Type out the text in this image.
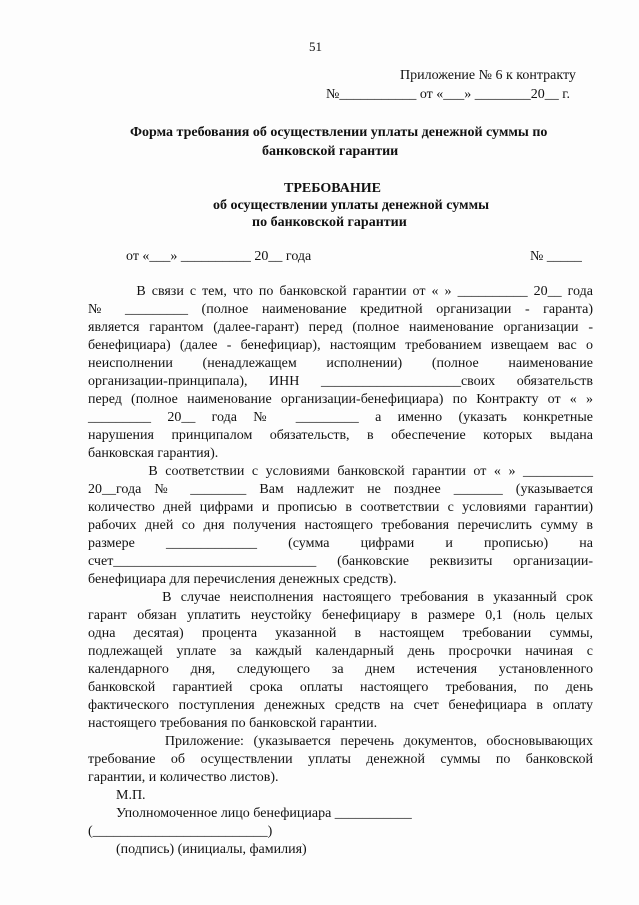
51
Приложение № 6 к контракту
№___________ от «___» ________20__ г.
Форма требования об осуществлении уплаты денежной суммы по
банковской гарантии
ТРЕБОВАНИЕ
об осуществлении уплаты денежной суммы
по банковской гарантии
от «___» __________ 20__ года	№ _____
В связи с тем, что по банковской гарантии от « » __________ 20__ года
№ _________ (полное наименование кредитной организации - гаранта)
является гарантом (далее-гарант) перед (полное наименование организации -
бенефициара) (далее - бенефициар), настоящим требованием извещаем вас о
неисполнении (ненадлежащем исполнении) (полное наименование
организации-принципала), ИНН ____________________своих обязательств
перед (полное наименование организации-бенефициара) по Контракту от « »
_________ 20__ года № _________ а именно (указать конкретные
нарушения принципалом обязательств, в обеспечение которых выдана
банковская гарантия).
В соответствии с условиями банковской гарантии от « » __________
20__года № ________ Вам надлежит не позднее _______ (указывается
количество дней цифрами и прописью в соответствии с условиями гарантии)
рабочих дней со дня получения настоящего требования перечислить сумму в
размере _____________ (сумма цифрами и прописью) на
счет_____________________________ (банковские реквизиты организации-
бенефициара для перечисления денежных средств).
В случае неисполнения настоящего требования в указанный срок
гарант обязан уплатить неустойку бенефициару в размере 0,1 (ноль целых
одна десятая) процента указанной в настоящем требовании суммы,
подлежащей уплате за каждый календарный день просрочки начиная с
календарного дня, следующего за днем истечения установленного
банковской гарантией срока оплаты настоящего требования, по день
фактического поступления денежных средств на счет бенефициара в оплату
настоящего требования по банковской гарантии.
Приложение: (указывается перечень документов, обосновывающих
требование об осуществлении уплаты денежной суммы по банковской
гарантии, и количество листов).
М.П.
Уполномоченное лицо бенефициара ___________
(_________________________)
(подпись) (инициалы, фамилия)
